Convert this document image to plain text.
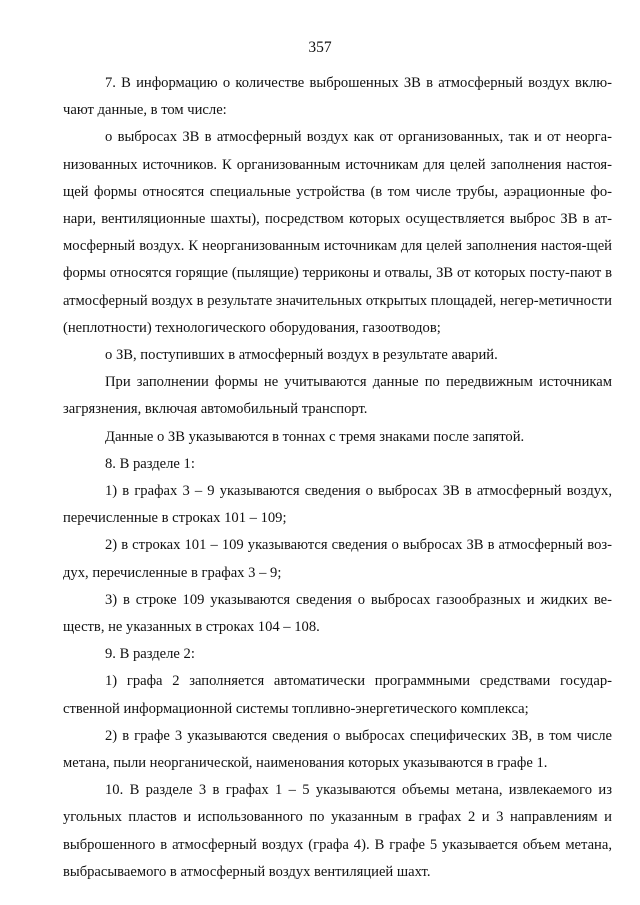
357

7. В информацию о количестве выброшенных ЗВ в атмосферный воздух вклю-чают данные, в том числе:

о выбросах ЗВ в атмосферный воздух как от организованных, так и от неорга-низованных источников. К организованным источникам для целей заполнения настоя-щей формы относятся специальные устройства (в том числе трубы, аэрационные фо-нари, вентиляционные шахты), посредством которых осуществляется выброс ЗВ в ат-мосферный воздух. К неорганизованным источникам для целей заполнения настоя-щей формы относятся горящие (пылящие) терриконы и отвалы, ЗВ от которых посту-пают в атмосферный воздух в результате значительных открытых площадей, негер-метичности (неплотности) технологического оборудования, газоотводов;

о ЗВ, поступивших в атмосферный воздух в результате аварий.

При заполнении формы не учитываются данные по передвижным источникам загрязнения, включая автомобильный транспорт.

Данные о ЗВ указываются в тоннах с тремя знаками после запятой.

8. В разделе 1:

1) в графах 3 – 9 указываются сведения о выбросах ЗВ в атмосферный воздух, перечисленные в строках 101 – 109;

2) в строках 101 – 109 указываются сведения о выбросах ЗВ в атмосферный воз-дух, перечисленные в графах 3 – 9;

3) в строке 109 указываются сведения о выбросах газообразных и жидких ве-ществ, не указанных в строках 104 – 108.

9. В разделе 2:

1) графа 2 заполняется автоматически программными средствами государ-ственной информационной системы топливно-энергетического комплекса;

2) в графе 3 указываются сведения о выбросах специфических ЗВ, в том числе метана, пыли неорганической, наименования которых указываются в графе 1.

10. В разделе 3 в графах 1 – 5 указываются объемы метана, извлекаемого из угольных пластов и использованного по указанным в графах 2 и 3 направлениям и выброшенного в атмосферный воздух (графа 4). В графе 5 указывается объем метана, выбрасываемого в атмосферный воздух вентиляцией шахт.
